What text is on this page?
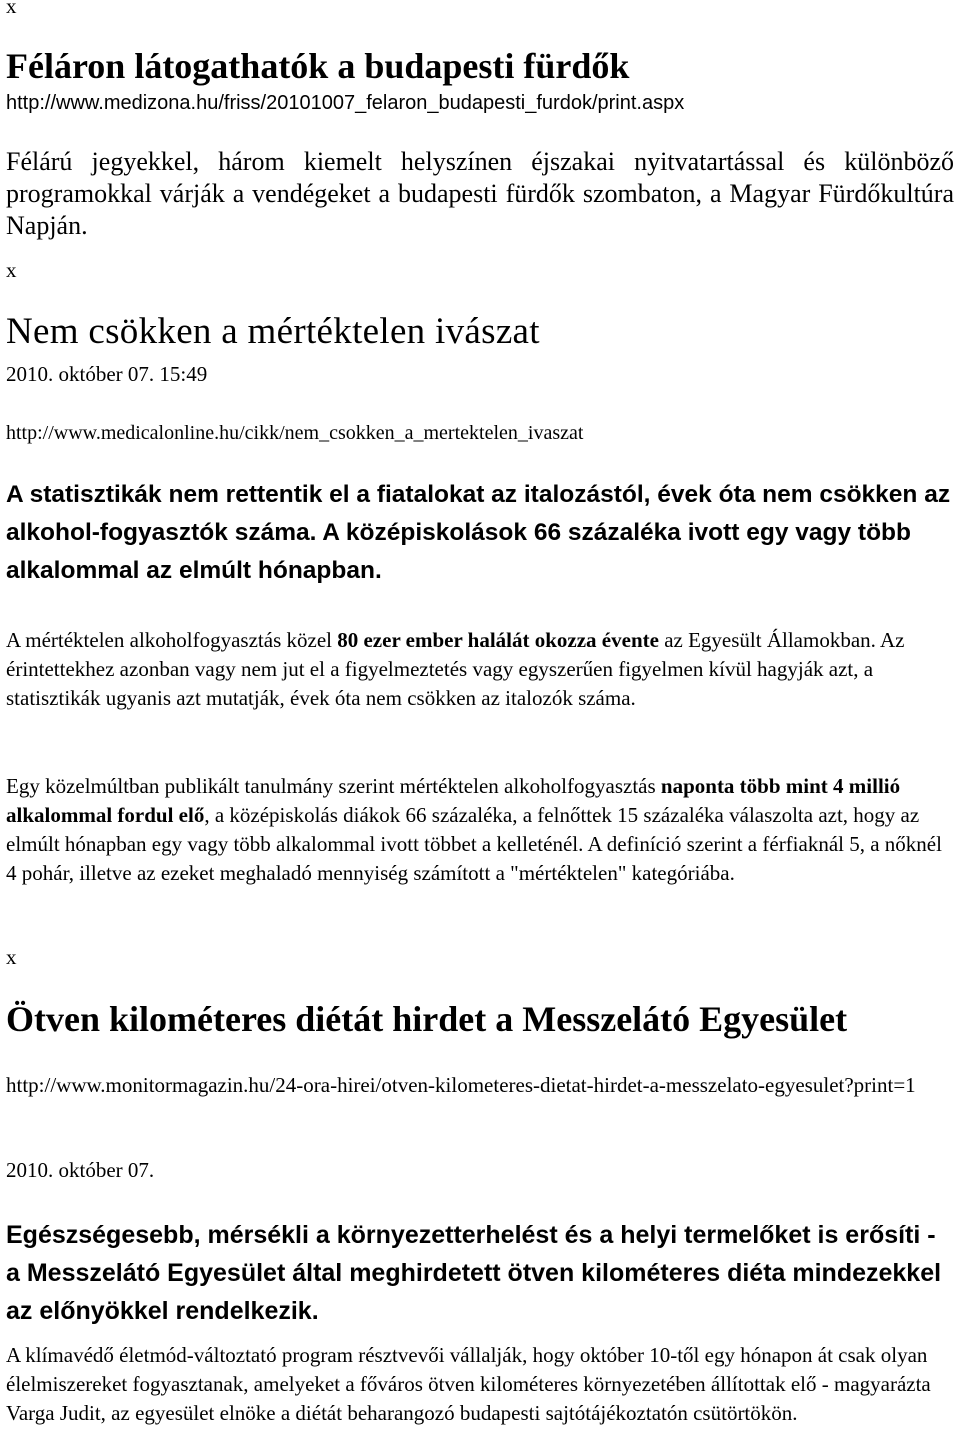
x
Féláron látogathatók a budapesti fürdők
http://www.medizona.hu/friss/20101007_felaron_budapesti_furdok/print.aspx
Félárú jegyekkel, három kiemelt helyszínen éjszakai nyitvatartással és különböző programokkal várják a vendégeket a budapesti fürdők szombaton, a Magyar Fürdőkultúra Napján.
x
Nem csökken a mértéktelen ivászat
2010. október 07. 15:49
http://www.medicalonline.hu/cikk/nem_csokken_a_mertektelen_ivaszat
A statisztikák nem rettentik el a fiatalokat az italozástól, évek óta nem csökken az alkohol-fogyasztók száma. A középiskolások 66 százaléka ivott egy vagy több alkalommal az elmúlt hónapban.
A mértéktelen alkoholfogyasztás közel 80 ezer ember halálát okozza évente az Egyesült Államokban. Az érintettekhez azonban vagy nem jut el a figyelmeztetés vagy egyszerűen figyelmen kívül hagyják azt, a statisztikák ugyanis azt mutatják, évek óta nem csökken az italozók száma.
Egy közelmúltban publikált tanulmány szerint mértéktelen alkoholfogyasztás naponta több mint 4 millió alkalommal fordul elő, a középiskolás diákok 66 százaléka, a felnőttek 15 százaléka válaszolta azt, hogy az elmúlt hónapban egy vagy több alkalommal ivott többet a kelleténél. A definíció szerint a férfiaknál 5, a nőknél 4 pohár, illetve az ezeket meghaladó mennyiség számított a "mértéktelen" kategóriába.
x
Ötven kilométeres diétát hirdet a Messzelátó Egyesület
http://www.monitormagazin.hu/24-ora-hirei/otven-kilometeres-dietat-hirdet-a-messzelato-egyesulet?print=1
2010. október 07.
Egészségesebb, mérsékli a környezetterhelést és a helyi termelőket is erősíti - a Messzelátó Egyesület által meghirdetett ötven kilométeres diéta mindezekkel az előnyökkel rendelkezik.
A klímavédő életmód-változtató program résztvevői vállalják, hogy október 10-től egy hónapon át csak olyan élelmiszereket fogyasztanak, amelyeket a főváros ötven kilométeres környezetében állítottak elő - magyarázta Varga Judit, az egyesület elnöke a diétát beharangozó budapesti sajtótájékoztatón csütörtökön.
